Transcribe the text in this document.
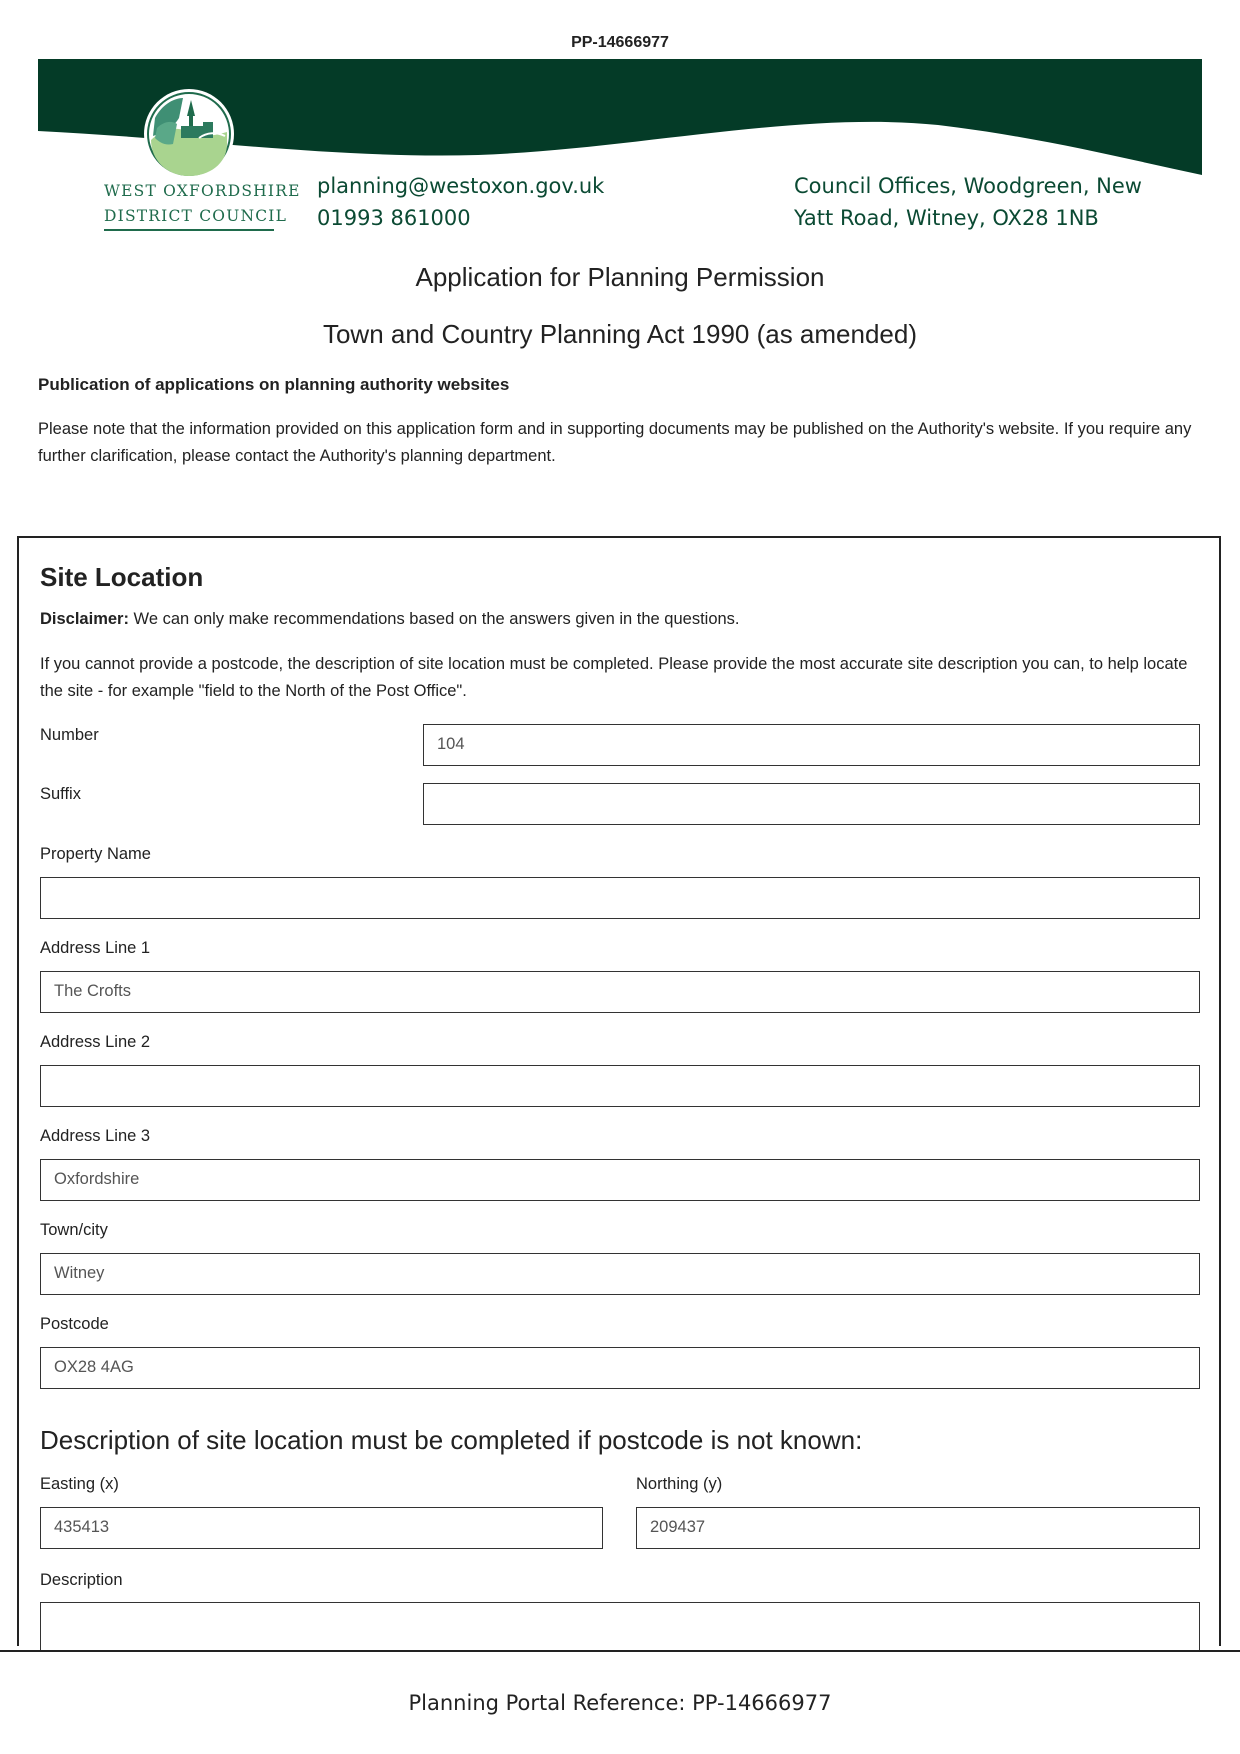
PP-14666977
WEST OXFORDSHIRE
DISTRICT COUNCIL
planning@westoxon.gov.uk
01993 861000
Council Offices, Woodgreen, New
Yatt Road, Witney, OX28 1NB
Application for Planning Permission
Town and Country Planning Act 1990 (as amended)
Publication of applications on planning authority websites
Please note that the information provided on this application form and in supporting documents may be published on the Authority's website. If you require any further clarification, please contact the Authority's planning department.
Site Location
Disclaimer: We can only make recommendations based on the answers given in the questions.
If you cannot provide a postcode, the description of site location must be completed. Please provide the most accurate site description you can, to help locate the site - for example "field to the North of the Post Office".
Number	104
Suffix
Property Name
Address Line 1
The Crofts
Address Line 2
Address Line 3
Oxfordshire
Town/city
Witney
Postcode
OX28 4AG
Description of site location must be completed if postcode is not known:
Easting (x)
435413
Northing (y)
209437
Description
Planning Portal Reference: PP-14666977
